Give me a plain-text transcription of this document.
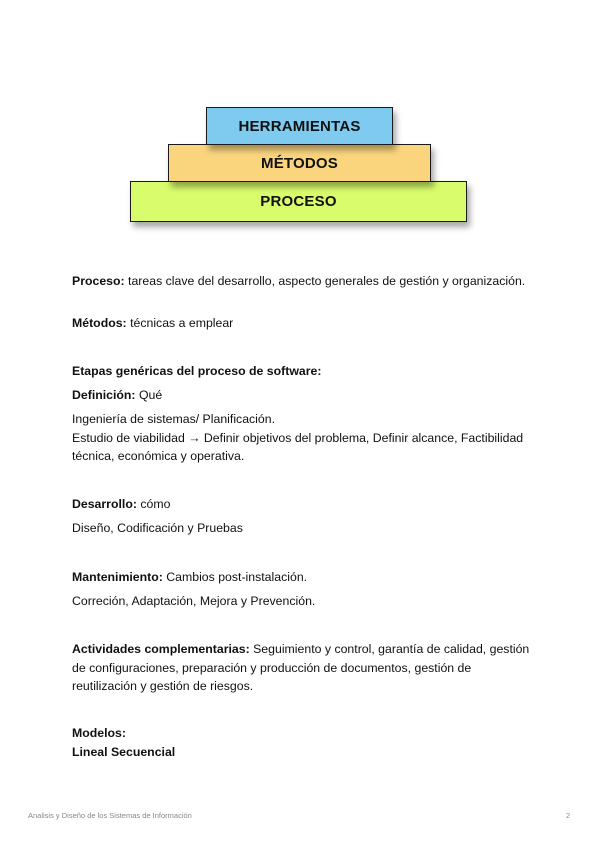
HERRAMIENTAS
MÉTODOS
PROCESO

Proceso: tareas clave del desarrollo, aspecto generales de gestión y organización.

Métodos: técnicas a emplear

Etapas genéricas del proceso de software:

Definición: Qué

Ingeniería de sistemas/ Planificación.

Estudio de viabilidad → Definir objetivos del problema, Definir alcance, Factibilidad técnica, económica y operativa.

Desarrollo: cómo

Diseño, Codificación y Pruebas

Mantenimiento: Cambios post-instalación.

Correción, Adaptación, Mejora y Prevención.

Actividades complementarias: Seguimiento y control, garantía de calidad, gestión de configuraciones, preparación y producción de documentos, gestión de reutilización y gestión de riesgos.

Modelos:

Lineal Secuencial

Analisis y Diseño de los Sistemas de Información	2
